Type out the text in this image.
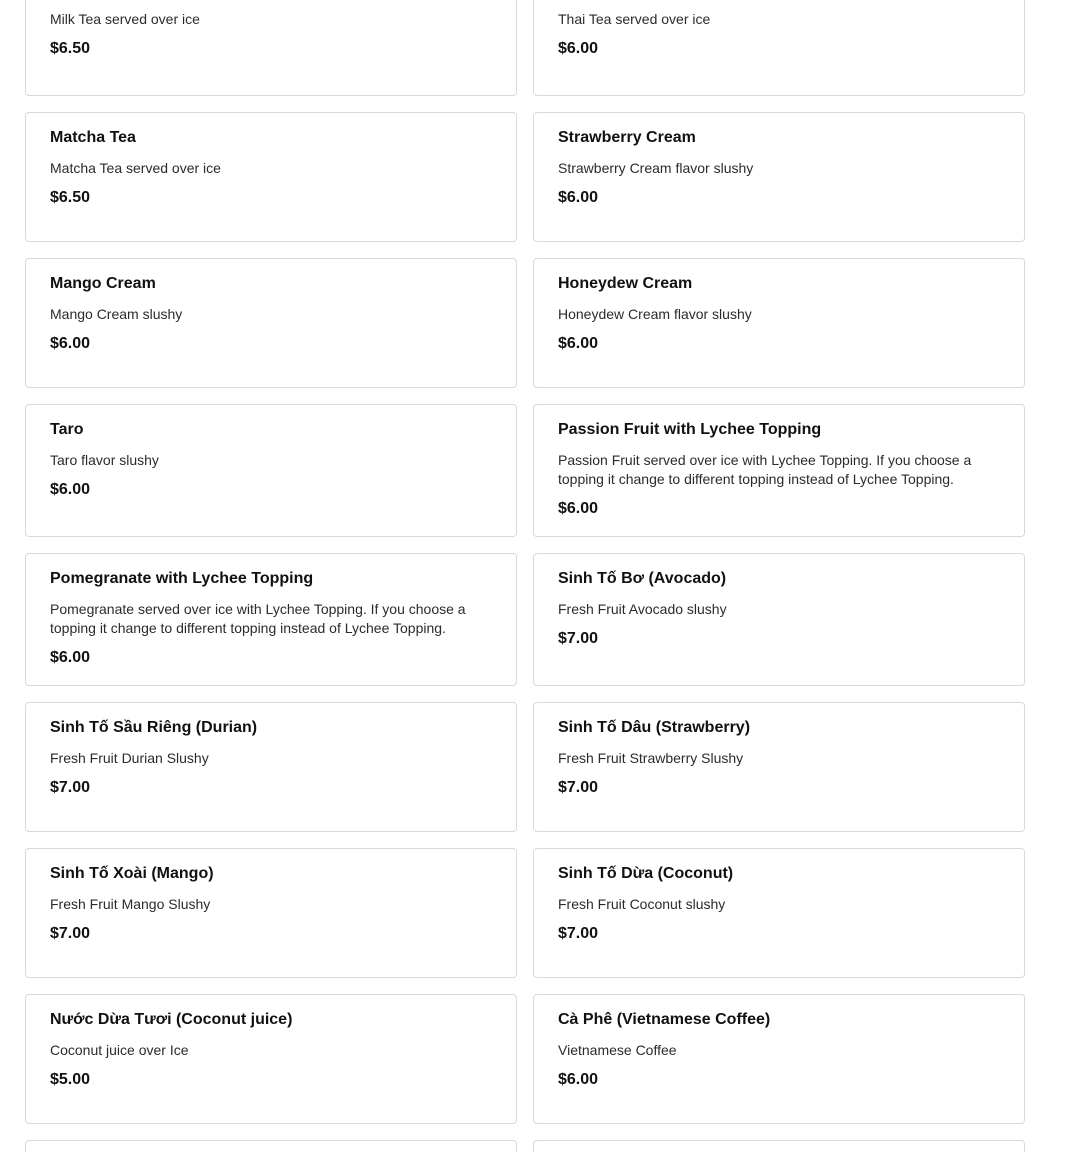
Milk Tea served over ice
$6.50
Thai Tea served over ice
$6.00
Matcha Tea
Matcha Tea served over ice
$6.50
Strawberry Cream
Strawberry Cream flavor slushy
$6.00
Mango Cream
Mango Cream slushy
$6.00
Honeydew Cream
Honeydew Cream flavor slushy
$6.00
Taro
Taro flavor slushy
$6.00
Passion Fruit with Lychee Topping
Passion Fruit served over ice with Lychee Topping. If you choose a topping it change to different topping instead of Lychee Topping.
$6.00
Pomegranate with Lychee Topping
Pomegranate served over ice with Lychee Topping. If you choose a topping it change to different topping instead of Lychee Topping.
$6.00
Sinh Tố Bơ (Avocado)
Fresh Fruit Avocado slushy
$7.00
Sinh Tố Sầu Riêng (Durian)
Fresh Fruit Durian Slushy
$7.00
Sinh Tố Dâu (Strawberry)
Fresh Fruit Strawberry Slushy
$7.00
Sinh Tố Xoài (Mango)
Fresh Fruit Mango Slushy
$7.00
Sinh Tố Dừa (Coconut)
Fresh Fruit Coconut slushy
$7.00
Nước Dừa Tươi (Coconut juice)
Coconut juice over Ice
$5.00
Cà Phê (Vietnamese Coffee)
Vietnamese Coffee
$6.00
